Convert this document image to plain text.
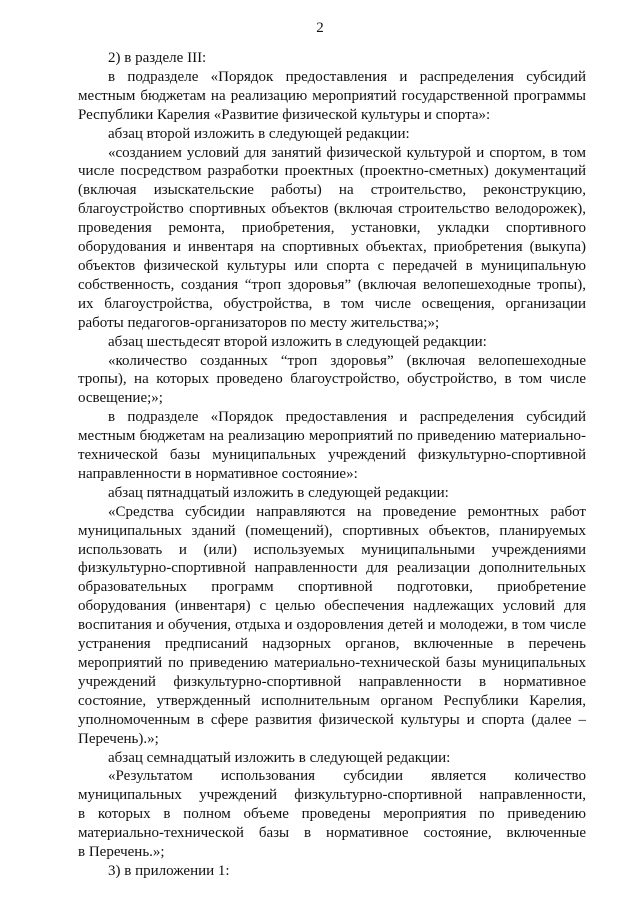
2
2) в разделе III:
в подразделе «Порядок предоставления и распределения субсидий
местным бюджетам на реализацию мероприятий государственной программы
Республики Карелия «Развитие физической культуры и спорта»:
абзац второй изложить в следующей редакции:
«созданием условий для занятий физической культурой и спортом, в том
числе посредством разработки проектных (проектно-сметных) документаций
(включая изыскательские работы) на строительство, реконструкцию,
благоустройство спортивных объектов (включая строительство велодорожек),
проведения ремонта, приобретения, установки, укладки спортивного
оборудования и инвентаря на спортивных объектах, приобретения (выкупа)
объектов физической культуры или спорта с передачей в муниципальную
собственность, создания “троп здоровья” (включая велопешеходные тропы),
их благоустройства, обустройства, в том числе освещения, организации
работы педагогов-организаторов по месту жительства;»;
абзац шестьдесят второй изложить в следующей редакции:
«количество созданных “троп здоровья” (включая велопешеходные
тропы), на которых проведено благоустройство, обустройство, в том числе
освещение;»;
в подразделе «Порядок предоставления и распределения субсидий
местным бюджетам на реализацию мероприятий по приведению материально-
технической базы муниципальных учреждений физкультурно-спортивной
направленности в нормативное состояние»:
абзац пятнадцатый изложить в следующей редакции:
«Средства субсидии направляются на проведение ремонтных работ
муниципальных зданий (помещений), спортивных объектов, планируемых
использовать и (или) используемых муниципальными учреждениями
физкультурно-спортивной направленности для реализации дополнительных
образовательных программ спортивной подготовки, приобретение
оборудования (инвентаря) с целью обеспечения надлежащих условий для
воспитания и обучения, отдыха и оздоровления детей и молодежи, в том числе
устранения предписаний надзорных органов, включенные в перечень
мероприятий по приведению материально-технической базы муниципальных
учреждений физкультурно-спортивной направленности в нормативное
состояние, утвержденный исполнительным органом Республики Карелия,
уполномоченным в сфере развития физической культуры и спорта (далее –
Перечень).»;
абзац семнадцатый изложить в следующей редакции:
«Результатом использования субсидии является количество
муниципальных учреждений физкультурно-спортивной направленности,
в которых в полном объеме проведены мероприятия по приведению
материально-технической базы в нормативное состояние, включенные
в Перечень.»;
3) в приложении 1:
